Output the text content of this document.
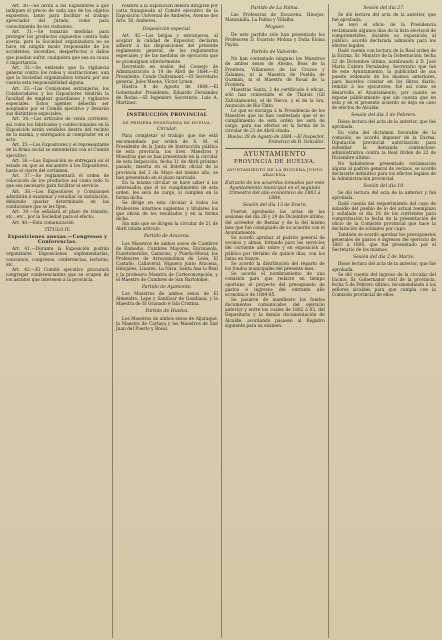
Art. 30.—Se invita á los Expositores á que indiquen el precio de cada uno de los objetos expuestos, tanto para facilitar el trabajo apreciador del Jurado, como para conocimiento de los visitantes.

Art. 31.—Se tomarán medidas para proteger los productos expuestos contra toda averia, pero la Sociedad organizadora no se hace en ningún modo responsable de los accidentes, incendios, desperfectos ó daños que puedan sufrir, cualquiera que sea su causa ó importancia.

Art. 32.—Se entiende que la vigilancia general contra los robos y sustracciones, aun que la Sociedad organizadora tomará por sus cuenta esta responsabilidad alguna.

Art. 33.—Las Comisiones extranjeras, los Colaboradores y los Expositores tendrán la facultad de emplear guardianes y vigilantes especiales. Estos agentes deberán ser aceptados por el Comité ejecutivo y llevarán sus distintivos especiales.

Art. 34.—Los artículos de venta corriente, así como los fabricados y confeccionados en la Exposición serán vendidos dentro del recinto de la misma, y entregados al comprador en el acto.

Art. 35.—Los Expositores y el representante de la firma social se entenderán con el Comité ejecutivo.

Art. 36.—Las Exposición se entregará en el estado en que se encuentre á los Expositores, hasta el cierre del certamen.

Art. 37.—Se reglamentará el orden de colocación de los productos así como todo lo que sea necesario para facilitar el servicio.

Art. 38.—Los Expositores y Comisiones admitirán á examinar y estudiar su instalación, debiendo quedar determinado en las condiciones que se les fijen.

Art. 39.—Se señalará el plazo de tránsito, etc., etc., por la Sociedad para el efecto.

Art. 40.—Esta comunicación

TÍTULO IV.
Exposiciones anexas.—Congresos y Conferencias.

Art. 41.—Durante la Exposición podrán organizarse Exposiciones suplementarias, concursos, congresos, conferencias, lecturas, etc.

Art. 42.—El Comité ejecutivo procurará congregar conferenciantes que se ocupen de los asuntos que interesen á la provincia.

relativa á la Exposición deberá dirigirse por carta franqueada al Comité ejecutivo de la Exposición Universal de Amberes, Avenue des Arts, 50, Amberes.

Disposición especial.

Art. 42.—Los belgas y extranjeros, al aceptar la calidad de Expositor, declaran adherir á las disposiciones del presente reglamento general, de los reglamentos especiales y de las medidas de ejecución que se promulguen ulteriormente.

Decretado en sesión del Consejo de Administración á 10 de Abril de 1884.—El Presidente, Conde Oultremont.—El Secretario general, Jules Moens, Víctor Lynen.

Huelva 8 de Agosto de 1884.—El Gobernador Presidente, Eduardo Fernández de Rodas.—El Ingeniero Secretario, Luis A. Martínez.

INSTRUCCIÓN PROVINCIAL
DE PRIMERA ENSEÑANZA DE HUELVA.
Circular.

Para completar el trabajo que me está encomendado por orden de S. M. el Presidente de la Junta de Instrucción pública de esta provincia, los Sres. Maestros y Maestras que se han presentado en la circular de esta Inspección, fecha 31 de Abril próximo pasado, inserta en el Boletín oficial de la provincia del 2 de Mayo del mismo año, se han presentado en el plazo marcado.

En la misma circular se hace saber á los interesados que el no cumplimiento de esta orden, les será de cargo, si cumplen en la forma dicha.

Se dirige en esta circular á todos los Profesores interinos suplentes y titulares los que obran de los resultados y en la forma dicha.

Sin más que se dirigen la circular de 21 de Abril citada artículo.

Partido de Aracena.

Los Maestros de ambos sexos de Cumbres de Enmedio, Cumbres Mayores, Encinasola, Fuenteheridos, Galaroza, y Puerto-Moral; los Profesores de Arroyomolinos de León, El Castaño, Cañaveral, Higuera junto Aracena, Hinojales, Linares, La Nava, Santa Ana la Real y la profesora Maestra de Corteconcepción, y el Maestro de Cumbres de San Bartolomé.

Partido de Ayamonte.

Los Maestros de ambos sexos de El Almendro, Lepe y Sanlúcar de Guadiana, y la Maestra de El Granado é Isla Cristina.

Partido de Huelva.

Los Maestros de ambos sexos de Aljaraque, la Maestra de Cartaya y los Maestros de San Juan del Puerto y Rosal.

Partido de La Palma.

Las Profesoras de Escacena, Hinojos, Manzanilla, La Palma y Villalba.

Moguer.

De este partido sólo han presentado los Profesores D. Evaristo Molina y Doña Eloisa Payán.

Partido de Valverde.

No han contestado ninguno los Maestros de ambos sexos de Alosno, Beas de la Frontera, Villanueva de las Cruces y Zalamea; ni la Maestra de Puebla de Guzmán, ni el Maestro de Rosal de la Frontera.

Maestras Santa, 2 de certificado é eficaz, sólo han contestado el de Tharsis (Gil Zafratamonte), el de Nerva, y el de la Sra. Asunción de Río-Tinto.

Lo que se encarga á la Presidencia de los Maestros que no han contestado que el no cumplimiento de esta orden les será de cargo, para sus efectos en la forma de la circular de 21 de Abril citada.

Huelva 28 de Agosto de 1884.—El Inspector, Francisco de B. González.

AYUNTAMIENTO
PROVINCIA DE HUELVA.
AYUNTAMIENTO DE LA HIGUERA JUNTO ARACENA.
Extracto de los acuerdos tomados por este Ayuntamiento municipal en el segundo trimestre del año económico de 1883 á 1884.
Sesión del día 13 de Enero.

Fueron aprobadas las actas de las sesiones del día 28 y 29 de Diciembre último, del acreedor de Rentas y de la del mismo mes que fué consignado de su acuerdo con el Ayuntamiento.

Se acordó aprobar al padrón general de vecinos y almas, formado para los servicios del corriente año sobre y en exposición al público por término de quince días, con los listas en trance.

Se acordó la distribución del reparto de los fondos municipales del presente mes.

Se acordó el nombramiento de una comisión para que redacte en tiempo oportuno el proyecto del presupuesto de gastos é ingresos del entrante año económico de 1884-85.

Se pasaron de manifiesto los fondos documentos comunicados del ejercicio anterior y entre los cuales de 1882 á 83, del Depositario y la demás documentación de Alcalde, acordando pasasen al Registro siguiente para su examen.

Sesión del día 27.

Se dió lectura del acta de la anterior, que fué aprobada.

Se leyó el oficio de la Presidencia reclamando algunos días de la lista electoral de comprometidos, durante su exposición al público, acordó declarada admisión para los efectos legales.

Dadó cuenta con lectura de la Real orden de la Excma. Sr. Ministro de la Gobernación, fecha 22 de Diciembre último, nombrando á D. José María Cubero Fernández, Secretario que fué de este Ayuntamiento, la publicidad de sus puesto ordenado de los mismos anteriores, para hacerlos constar en los libros diario, remitió á los ejecutores; fué así como se desarrolla el Ayuntamiento, por cuanto se expone públicamente que sin cuenta que en esta y en el presente acuerdo se deja en caso de efectos de Alcalde.

Sesión del día 3 de Febrero.

Diose lectura del acta de la anterior, que fué aprobada.

En vista del dictamen favorable de la comisión, se acordó imponer de la Excma. Diputación provincial autorización para subsidiar la demanda contencioso-administrativa contra la Real Orden de 22 de Diciembre último.

No habiéndose presentado reclamación alguna al padrón general de vecinos, se acordó declararle definitivo para los efectos legales de la Administración provincial.

Sesión del día 10.

Se dió lectura del acta de la anterior y fué aprobada.

Dadó cuenta del requerimiento del cupo de subsidio del pueblo de lo del actual reemplazo y señalado el día 16 de los corrientes para comprobación la fecha de la presentación de oficio de la Comisión provincial que hace la declaración de soldados por cupo.

También se acordó aprobar los presupuestos generales de gastos é ingresos del ejercicio de 1883 á 1884, que fué presentado por el Secretario de los mismos.

Sesión del día 2 de Marzo.

Diose lectura del acta de la anterior, que fué aprobada.

Se dió cuenta del ingreso de la circular del Excmo. Sr. Gobernador civil de la provincia, fecha 5 de Febrero último, recomendando á los señores alcaldes para que cumpla con la Comisión provincial de ellos.
